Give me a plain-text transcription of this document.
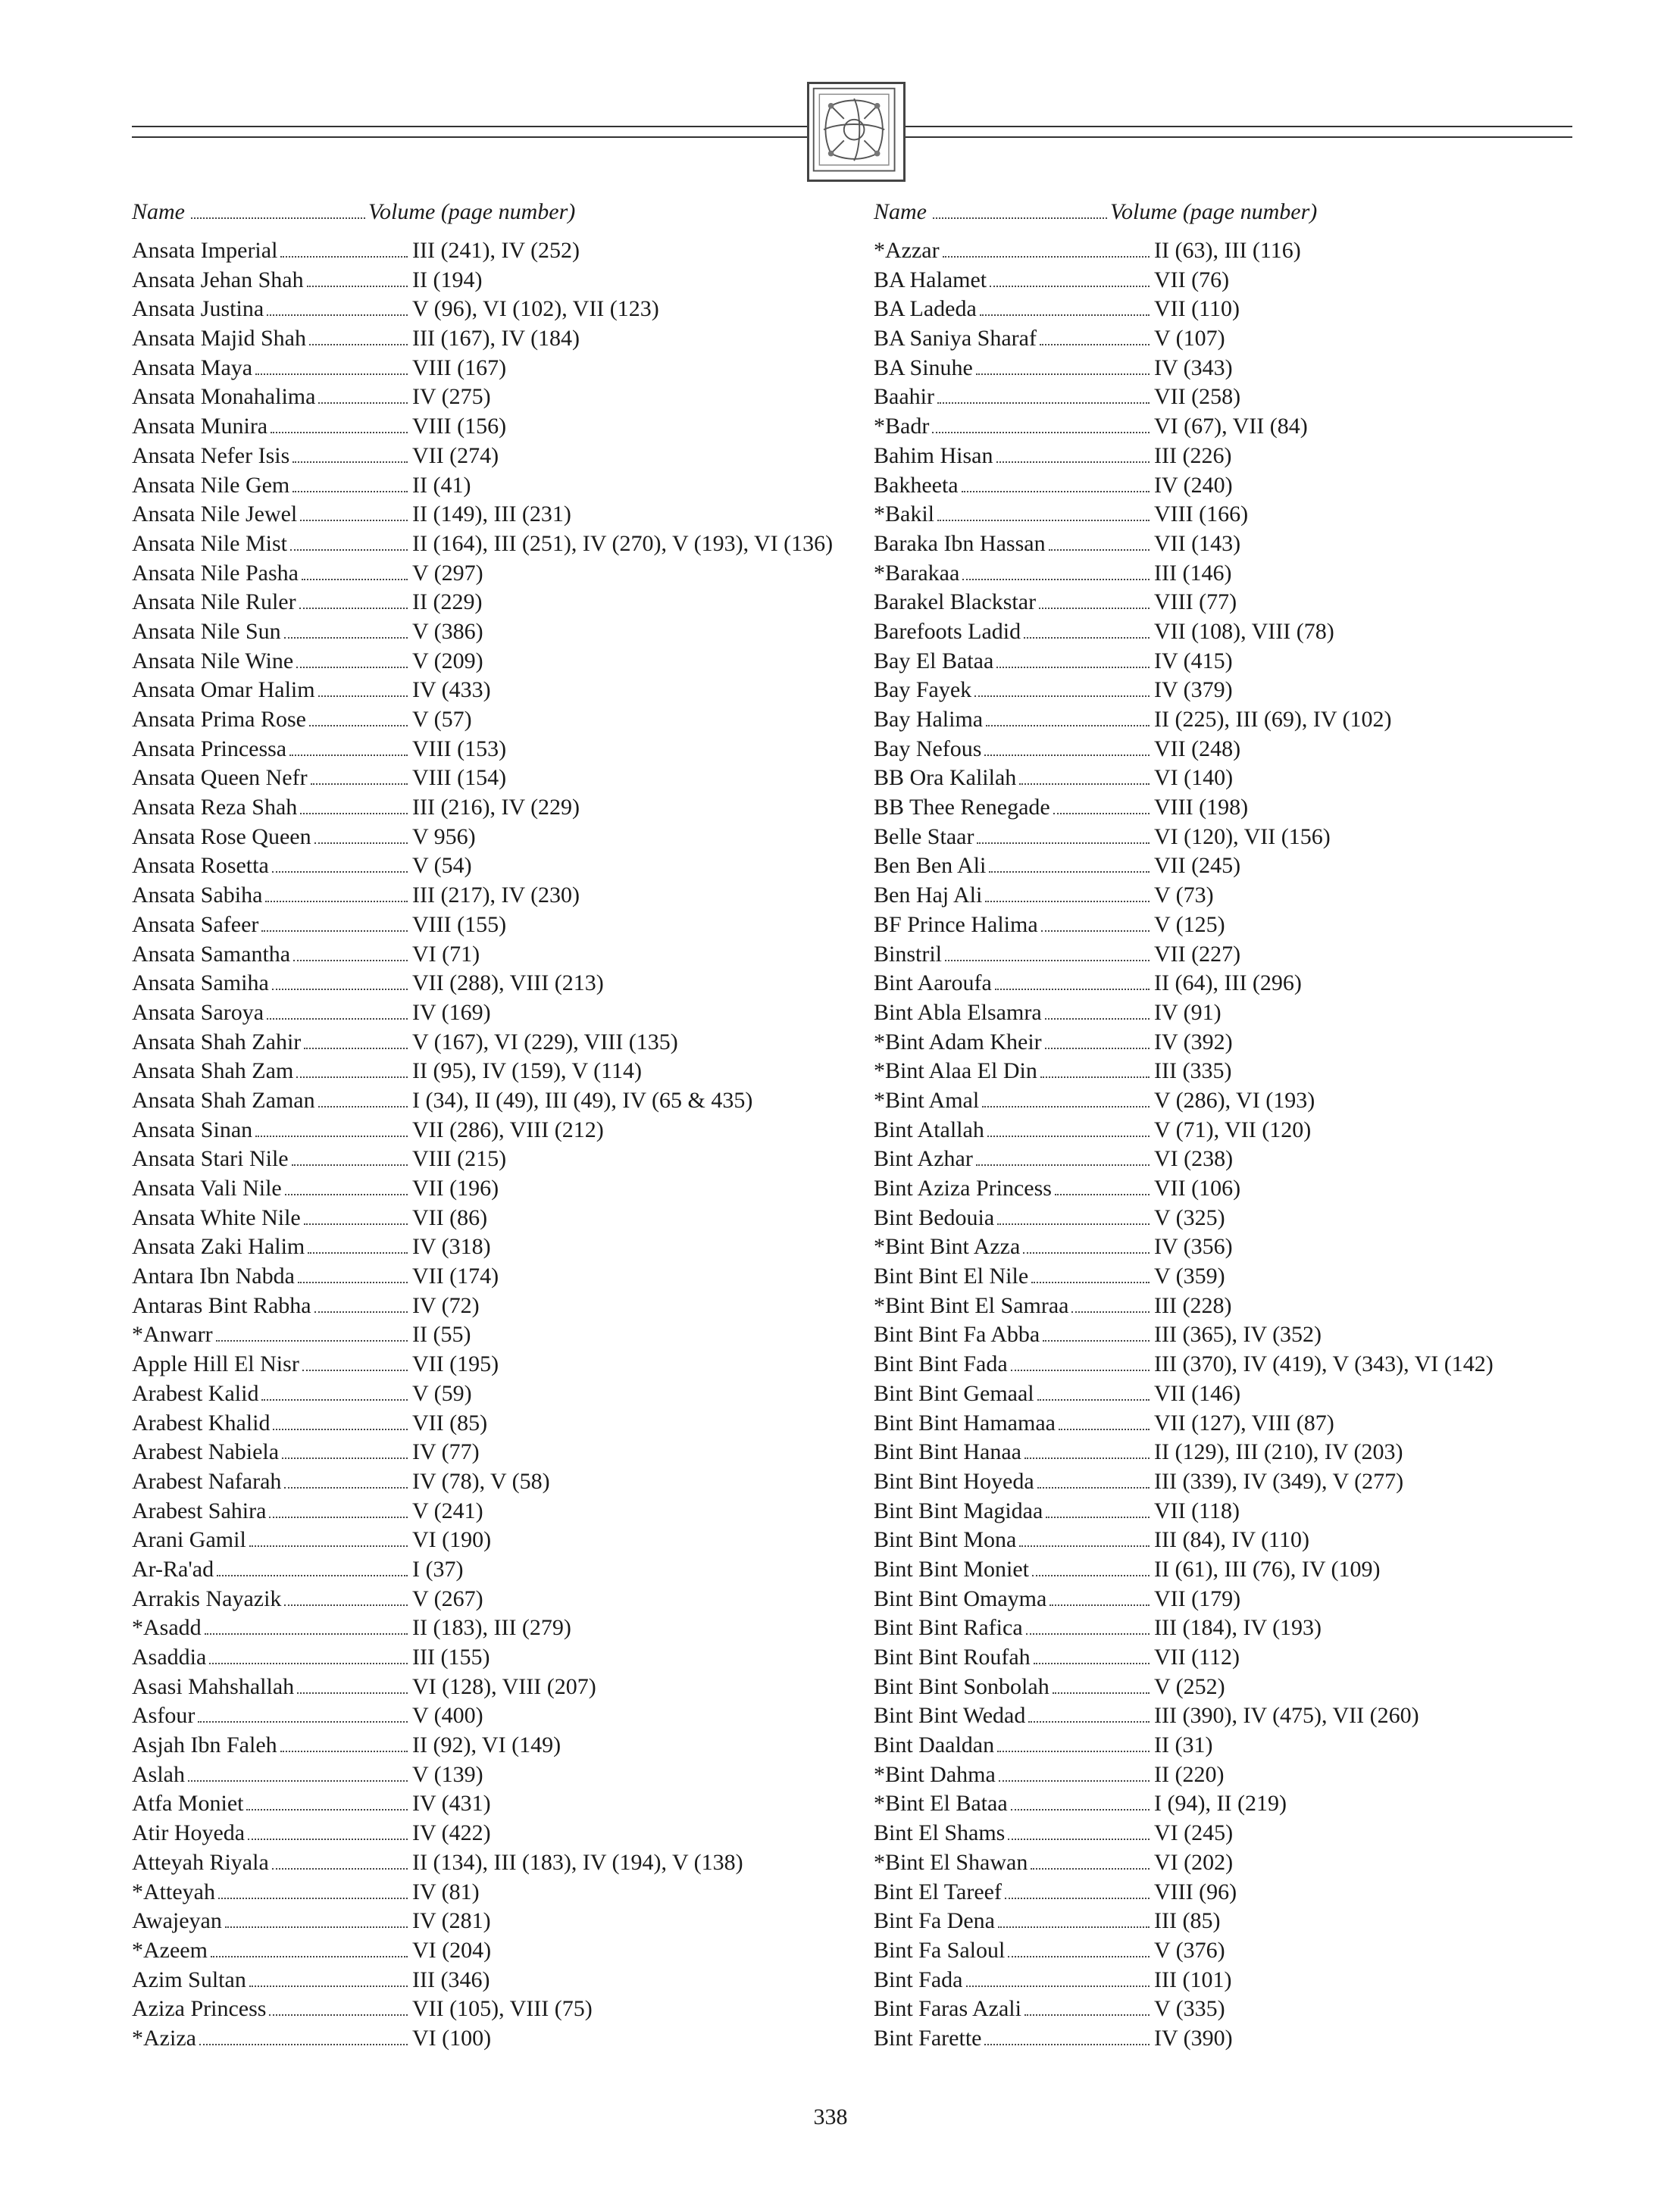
Name	Volume (page number)
Ansata Imperial	III (241), IV (252)
Ansata Jehan Shah	II (194)
Ansata Justina	V (96), VI (102), VII (123)
Ansata Majid Shah	III (167), IV (184)
Ansata Maya	VIII (167)
Ansata Monahalima	IV (275)
Ansata Munira	VIII (156)
Ansata Nefer Isis	VII (274)
Ansata Nile Gem	II (41)
Ansata Nile Jewel	II (149), III (231)
Ansata Nile Mist	II (164), III (251), IV (270), V (193), VI (136)
Ansata Nile Pasha	V (297)
Ansata Nile Ruler	II (229)
Ansata Nile Sun	V (386)
Ansata Nile Wine	V (209)
Ansata Omar Halim	IV (433)
Ansata Prima Rose	V (57)
Ansata Princessa	VIII (153)
Ansata Queen Nefr	VIII (154)
Ansata Reza Shah	III (216), IV (229)
Ansata Rose Queen	V 956)
Ansata Rosetta	V (54)
Ansata Sabiha	III (217), IV (230)
Ansata Safeer	VIII (155)
Ansata Samantha	VI (71)
Ansata Samiha	VII (288), VIII (213)
Ansata Saroya	IV (169)
Ansata Shah Zahir	V (167), VI (229), VIII (135)
Ansata Shah Zam	II (95), IV (159), V (114)
Ansata Shah Zaman	I (34), II (49), III (49), IV (65 & 435)
Ansata Sinan	VII (286), VIII (212)
Ansata Stari Nile	VIII (215)
Ansata Vali Nile	VII (196)
Ansata White Nile	VII (86)
Ansata Zaki Halim	IV (318)
Antara Ibn Nabda	VII (174)
Antaras Bint Rabha	IV (72)
*Anwarr	II (55)
Apple Hill El Nisr	VII (195)
Arabest Kalid	V (59)
Arabest Khalid	VII (85)
Arabest Nabiela	IV (77)
Arabest Nafarah	IV (78), V (58)
Arabest Sahira	V (241)
Arani Gamil	VI (190)
Ar-Ra'ad	I (37)
Arrakis Nayazik	V (267)
*Asadd	II (183), III (279)
Asaddia	III (155)
Asasi Mahshallah	VI (128), VIII (207)
Asfour	V (400)
Asjah Ibn Faleh	II (92), VI (149)
Aslah	V (139)
Atfa Moniet	IV (431)
Atir Hoyeda	IV (422)
Atteyah Riyala	II (134), III (183), IV (194), V (138)
*Atteyah	IV (81)
Awajeyan	IV (281)
*Azeem	VI (204)
Azim Sultan	III (346)
Aziza Princess	VII (105), VIII (75)
*Aziza	VI (100)
Name	Volume (page number)
*Azzar	II (63), III (116)
BA Halamet	VII (76)
BA Ladeda	VII (110)
BA Saniya Sharaf	V (107)
BA Sinuhe	IV (343)
Baahir	VII (258)
*Badr	VI (67), VII (84)
Bahim Hisan	III (226)
Bakheeta	IV (240)
*Bakil	VIII (166)
Baraka Ibn Hassan	VII (143)
*Barakaa	III (146)
Barakel Blackstar	VIII (77)
Barefoots Ladid	VII (108), VIII (78)
Bay El Bataa	IV (415)
Bay Fayek	IV (379)
Bay Halima	II (225), III (69), IV (102)
Bay Nefous	VII (248)
BB Ora Kalilah	VI (140)
BB Thee Renegade	VIII (198)
Belle Staar	VI (120), VII (156)
Ben Ben Ali	VII (245)
Ben Haj Ali	V (73)
BF Prince Halima	V (125)
Binstril	VII (227)
Bint Aaroufa	II (64), III (296)
Bint Abla Elsamra	IV (91)
*Bint Adam Kheir	IV (392)
*Bint Alaa El Din	III (335)
*Bint Amal	V (286), VI (193)
Bint Atallah	V (71), VII (120)
Bint Azhar	VI (238)
Bint Aziza Princess	VII (106)
Bint Bedouia	V (325)
*Bint Bint Azza	IV (356)
Bint Bint El Nile	V (359)
*Bint Bint El Samraa	III (228)
Bint Bint Fa Abba	III (365), IV (352)
Bint Bint Fada	III (370), IV (419), V (343), VI (142)
Bint Bint Gemaal	VII (146)
Bint Bint Hamamaa	VII (127), VIII (87)
Bint Bint Hanaa	II (129), III (210), IV (203)
Bint Bint Hoyeda	III (339), IV (349), V (277)
Bint Bint Magidaa	VII (118)
Bint Bint Mona	III (84), IV (110)
Bint Bint Moniet	II (61), III (76), IV (109)
Bint Bint Omayma	VII (179)
Bint Bint Rafica	III (184), IV (193)
Bint Bint Roufah	VII (112)
Bint Bint Sonbolah	V (252)
Bint Bint Wedad	III (390), IV (475), VII (260)
Bint Daaldan	II (31)
*Bint Dahma	II (220)
*Bint El Bataa	I (94), II (219)
Bint El Shams	VI (245)
*Bint El Shawan	VI (202)
Bint El Tareef	VIII (96)
Bint Fa Dena	III (85)
Bint Fa Saloul	V (376)
Bint Fada	III (101)
Bint Faras Azali	V (335)
Bint Farette	IV (390)
338
